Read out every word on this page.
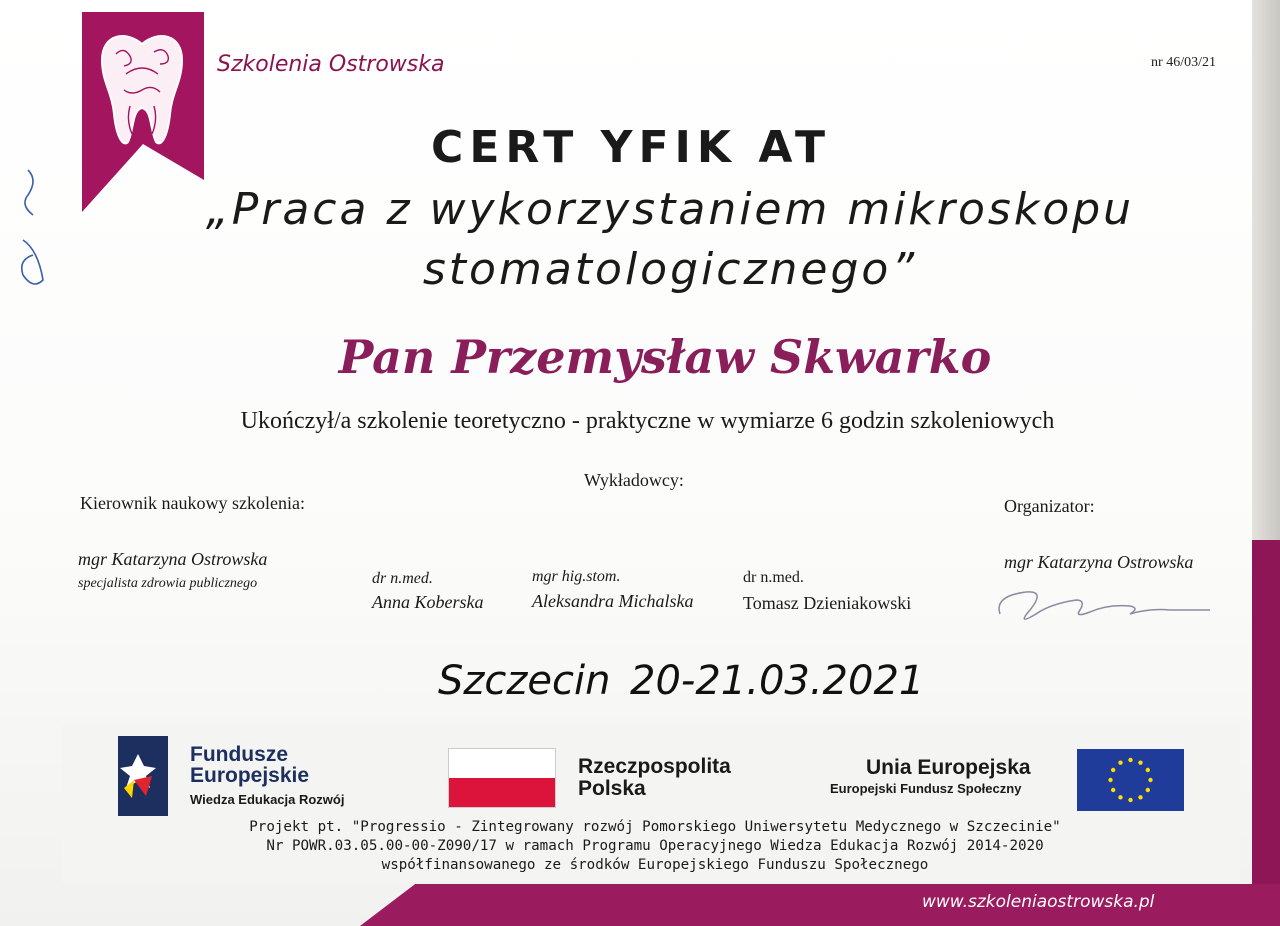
Szkolenia Ostrowska	nr 46/03/21
CERT YFIK AT
„Praca z wykorzystaniem mikroskopu
stomatologicznego”
Pan Przemysław Skwarko
Ukończył/a szkolenie teoretyczno - praktyczne w wymiarze 6 godzin szkoleniowych
Kierownik naukowy szkolenia:
mgr Katarzyna Ostrowska
specjalista zdrowia publicznego
Wykładowcy:
dr n.med.
Anna Koberska
mgr hig.stom.
Aleksandra Michalska
dr n.med.
Tomasz Dzieniakowski
Organizator:
mgr Katarzyna Ostrowska
Szczecin 20-21.03.2021
Fundusze
Europejskie
Wiedza Edukacja Rozwój
Rzeczpospolita
Polska
Unia Europejska
Europejski Fundusz Społeczny
Projekt pt. "Progressio - Zintegrowany rozwój Pomorskiego Uniwersytetu Medycznego w Szczecinie"
Nr POWR.03.05.00-00-Z090/17 w ramach Programu Operacyjnego Wiedza Edukacja Rozwój 2014-2020
współfinansowanego ze środków Europejskiego Funduszu Społecznego
www.szkoleniaostrowska.pl
